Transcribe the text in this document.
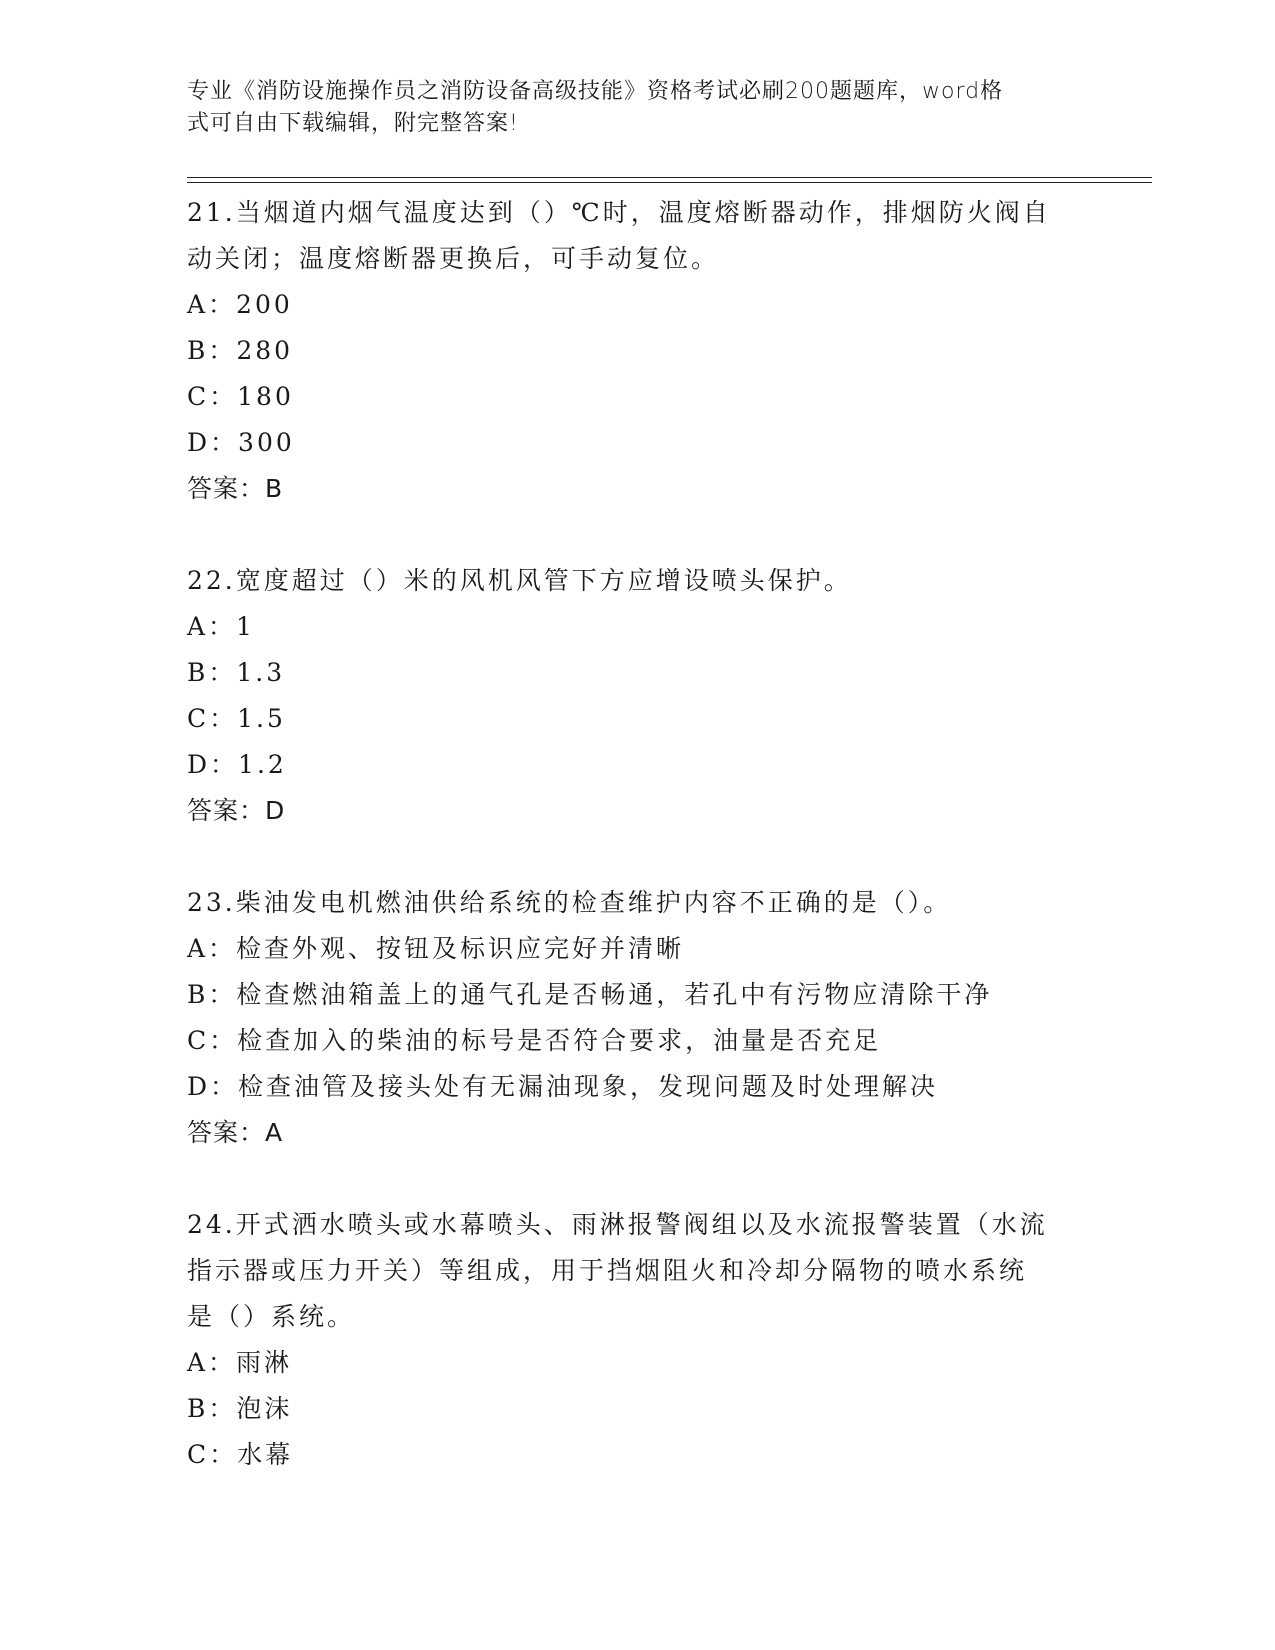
专业《消防设施操作员之消防设备高级技能》资格考试必刷200题题库，word格
式可自由下载编辑，附完整答案!
21.当烟道内烟气温度达到（）℃时，温度熔断器动作，排烟防火阀自
动关闭；温度熔断器更换后，可手动复位。
A：200
B：280
C：180
D：300
答案：B
22.宽度超过（）米的风机风管下方应增设喷头保护。
A：1
B：1.3
C：1.5
D：1.2
答案：D
23.柴油发电机燃油供给系统的检查维护内容不正确的是（）。
A：检查外观、按钮及标识应完好并清晰
B：检查燃油箱盖上的通气孔是否畅通，若孔中有污物应清除干净
C：检查加入的柴油的标号是否符合要求，油量是否充足
D：检查油管及接头处有无漏油现象，发现问题及时处理解决
答案：A
24.开式洒水喷头或水幕喷头、雨淋报警阀组以及水流报警装置（水流
指示器或压力开关）等组成，用于挡烟阻火和冷却分隔物的喷水系统
是（）系统。
A：雨淋
B：泡沫
C：水幕
